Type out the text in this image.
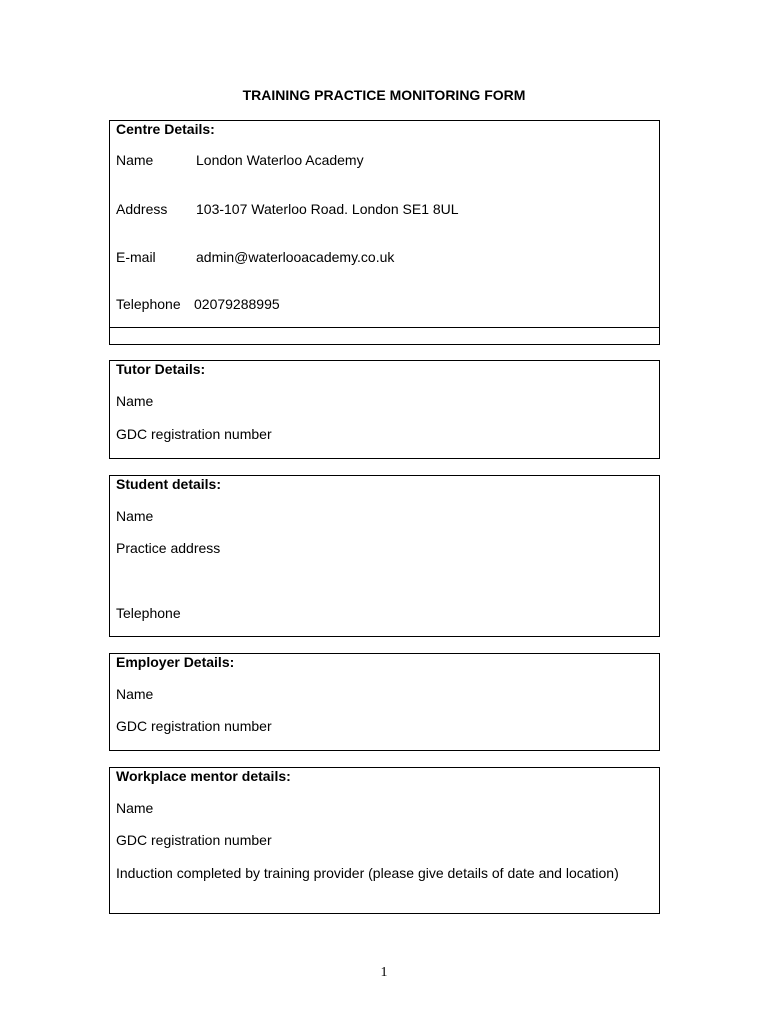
TRAINING PRACTICE MONITORING FORM
Centre Details:
Name	London Waterloo Academy
Address 103-107 Waterloo Road. London SE1 8UL
E-mail	admin@waterlooacademy.co.uk
Telephone 02079288995
Tutor Details:
Name
GDC registration number
Student details:
Name
Practice address
Telephone
Employer Details:
Name
GDC registration number
Workplace mentor details:
Name
GDC registration number
Induction completed by training provider (please give details of date and location)
1
